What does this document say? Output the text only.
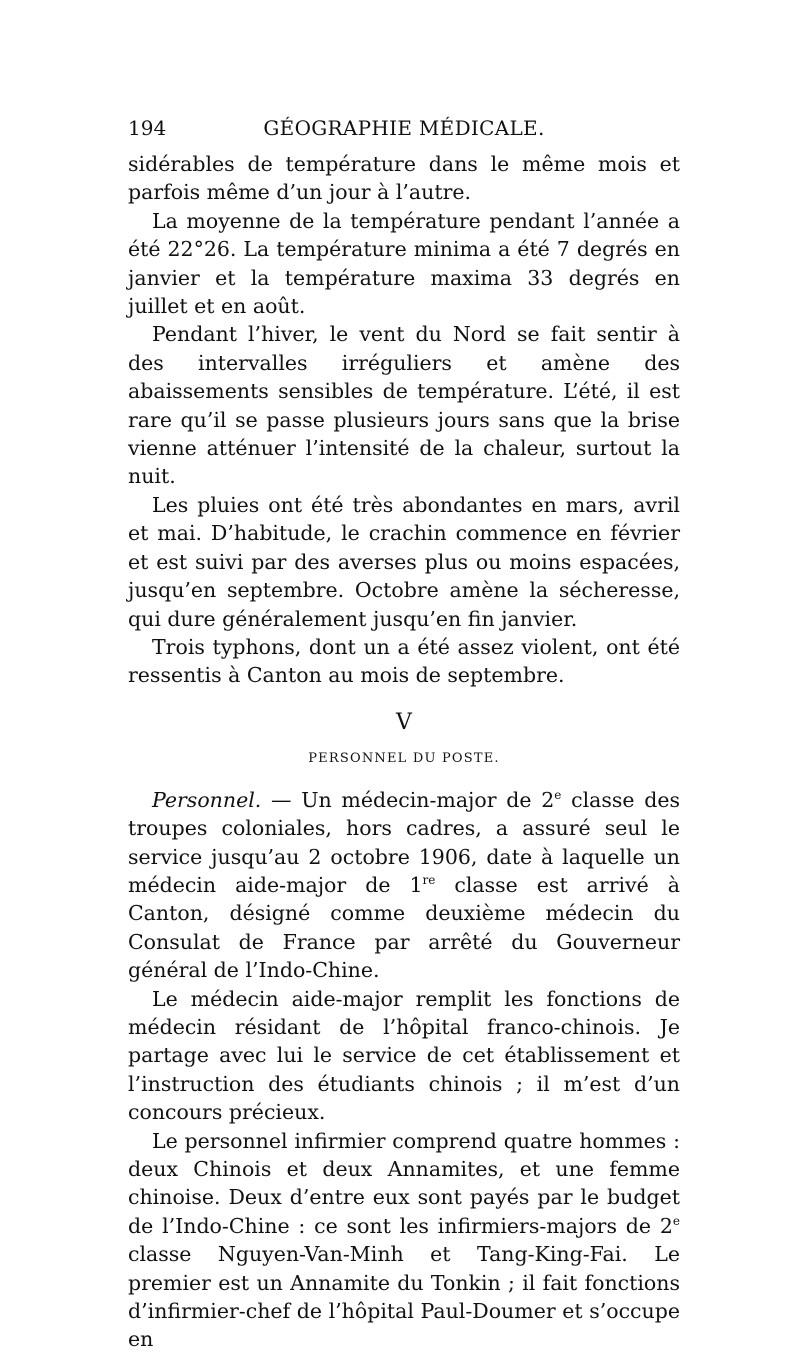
194	GÉOGRAPHIE MÉDICALE.

sidérables de température dans le même mois et parfois même d’un jour à l’autre.

La moyenne de la température pendant l’année a été 22°26. La température minima a été 7 degrés en janvier et la température maxima 33 degrés en juillet et en août.

Pendant l’hiver, le vent du Nord se fait sentir à des intervalles irréguliers et amène des abaissements sensibles de température. L’été, il est rare qu’il se passe plusieurs jours sans que la brise vienne atténuer l’intensité de la chaleur, surtout la nuit.

Les pluies ont été très abondantes en mars, avril et mai. D’habitude, le crachin commence en février et est suivi par des averses plus ou moins espacées, jusqu’en septembre. Octobre amène la sécheresse, qui dure généralement jusqu’en fin janvier.

Trois typhons, dont un a été assez violent, ont été ressentis à Canton au mois de septembre.

V
PERSONNEL DU POSTE.

Personnel. — Un médecin-major de 2e classe des troupes coloniales, hors cadres, a assuré seul le service jusqu’au 2 octobre 1906, date à laquelle un médecin aide-major de 1re classe est arrivé à Canton, désigné comme deuxième médecin du Consulat de France par arrêté du Gouverneur général de l’Indo-Chine.

Le médecin aide-major remplit les fonctions de médecin résidant de l’hôpital franco-chinois. Je partage avec lui le service de cet établissement et l’instruction des étudiants chinois ; il m’est d’un concours précieux.

Le personnel infirmier comprend quatre hommes : deux Chinois et deux Annamites, et une femme chinoise. Deux d’entre eux sont payés par le budget de l’Indo-Chine : ce sont les infirmiers-majors de 2e classe Nguyen-Van-Minh et Tang-King-Fai. Le premier est un Annamite du Tonkin ; il fait fonctions d’infirmier-chef de l’hôpital Paul-Doumer et s’occupe en
